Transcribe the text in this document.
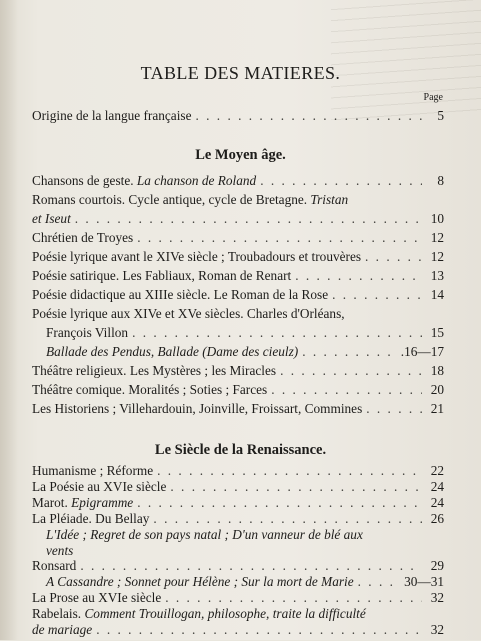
TABLE DES MATIERES.
Page
Origine de la langue française . . .	5
Le Moyen âge.
Chansons de geste. La chanson de Roland . . .	8
Romans courtois. Cycle antique, cycle de Bretagne. Tristan
et Iseut . . .	10
Chrétien de Troyes . . .	12
Poésie lyrique avant le XIVe siècle ; Troubadours et trouvères . . .	12
Poésie satirique. Les Fabliaux, Roman de Renart . . .	13
Poésie didactique au XIIIe siècle. Le Roman de la Rose . . .	14
Poésie lyrique aux XIVe et XVe siècles. Charles d'Orléans,
François Villon . . .	15
Ballade des Pendus, Ballade (Dame des cieulz) . . .	.16—17
Théâtre religieux. Les Mystères ; les Miracles . . .	18
Théâtre comique. Moralités ; Soties ; Farces . . .	20
Les Historiens ; Villehardouin, Joinville, Froissart, Commines . . .	21
Le Siècle de la Renaissance.
Humanisme ; Réforme . . .	22
La Poésie au XVIe siècle . . .	24
Marot. Epigramme . . .	24
La Pléiade. Du Bellay . . .	26
L'Idée ; Regret de son pays natal ; D'un vanneur de blé aux
vents
Ronsard . . .	29
A Cassandre ; Sonnet pour Hélène ; Sur la mort de Marie . . .	30—31
La Prose au XVIe siècle . . .	32
Rabelais. Comment Trouillogan, philosophe, traite la difficulté
de mariage . . .	32
